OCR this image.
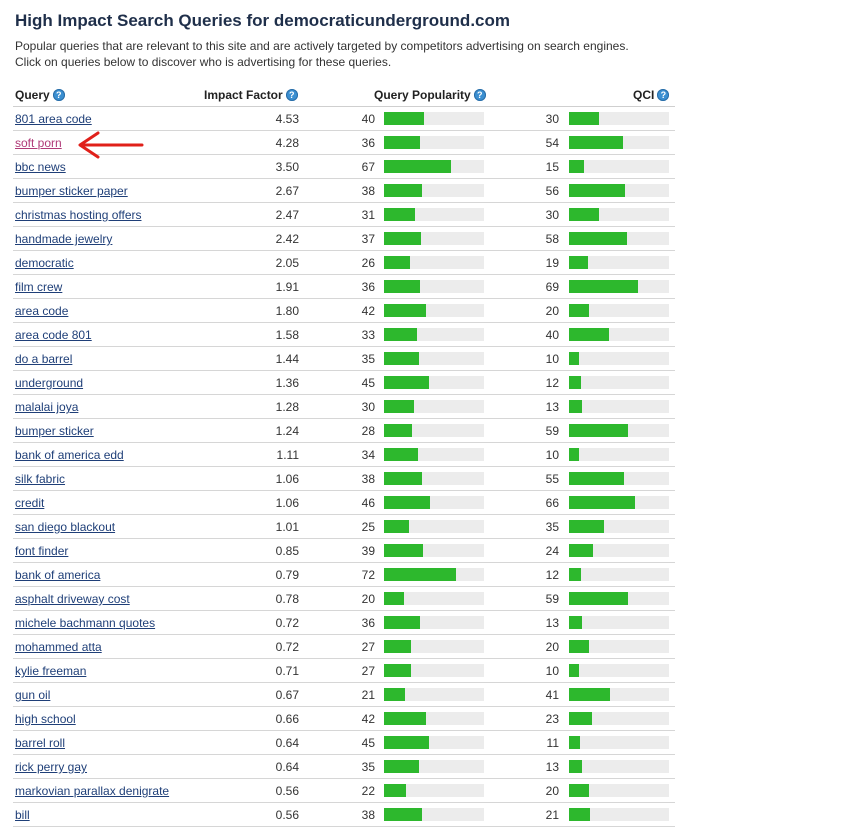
High Impact Search Queries for democraticunderground.com
Popular queries that are relevant to this site and are actively targeted by competitors advertising on search engines.
Click on queries below to discover who is advertising for these queries.
Query ?	Impact Factor ?	Query Popularity ?	QCI ?
801 area code	4.53	40	30
soft porn	4.28	36	54
bbc news	3.50	67	15
bumper sticker paper	2.67	38	56
christmas hosting offers	2.47	31	30
handmade jewelry	2.42	37	58
democratic	2.05	26	19
film crew	1.91	36	69
area code	1.80	42	20
area code 801	1.58	33	40
do a barrel	1.44	35	10
underground	1.36	45	12
malalai joya	1.28	30	13
bumper sticker	1.24	28	59
bank of america edd	1.11	34	10
silk fabric	1.06	38	55
credit	1.06	46	66
san diego blackout	1.01	25	35
font finder	0.85	39	24
bank of america	0.79	72	12
asphalt driveway cost	0.78	20	59
michele bachmann quotes	0.72	36	13
mohammed atta	0.72	27	20
kylie freeman	0.71	27	10
gun oil	0.67	21	41
high school	0.66	42	23
barrel roll	0.64	45	11
rick perry gay	0.64	35	13
markovian parallax denigrate	0.56	22	20
bill	0.56	38	21
